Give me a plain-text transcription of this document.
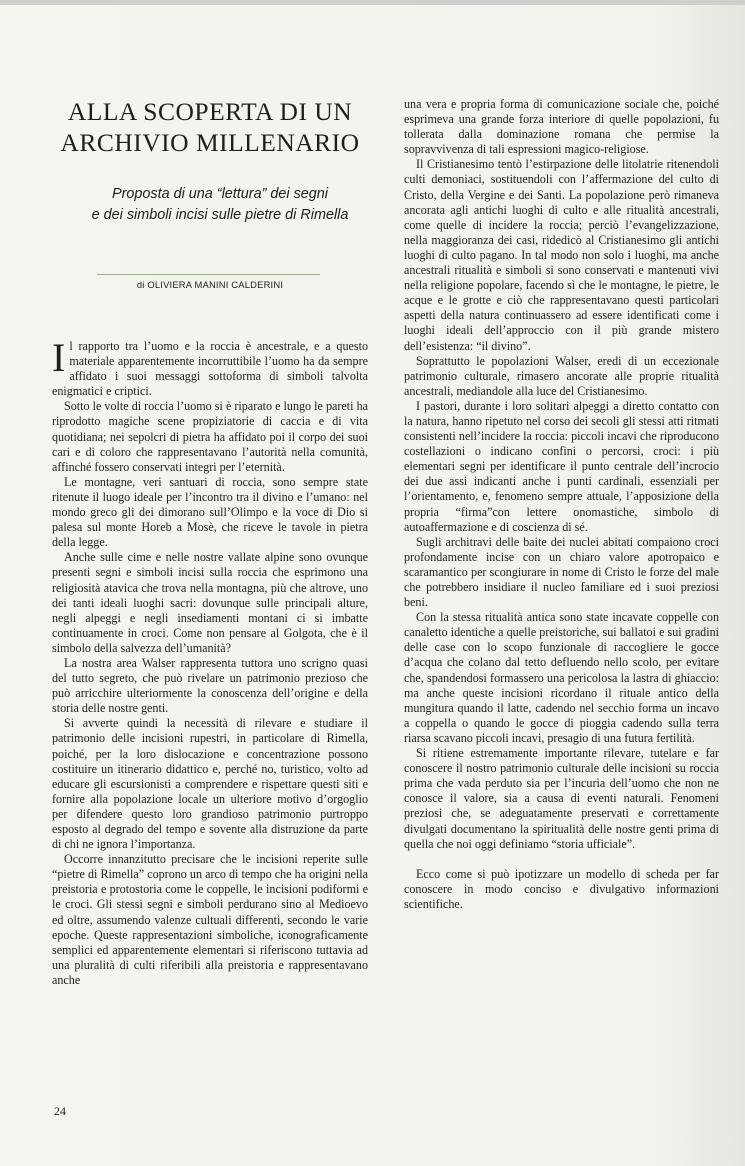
ALLA SCOPERTA DI UN
ARCHIVIO MILLENARIO

Proposta di una “lettura” dei segni
e dei simboli incisi sulle pietre di Rimella

di OLIVIERA MANINI CALDERINI

Il rapporto tra l’uomo e la roccia è ancestrale, e a questo materiale apparentemente incorruttibile l’uomo ha da sempre affidato i suoi messaggi sottoforma di simboli talvolta enigmatici e criptici.

Sotto le volte di roccia l’uomo si è riparato e lungo le pareti ha riprodotto magiche scene propiziatorie di caccia e di vita quotidiana; nei sepolcri di pietra ha affidato poi il corpo dei suoi cari e di coloro che rappresentavano l’autorità nella comunità, affinché fossero conservati integri per l’eternità.

Le montagne, veri santuari di roccia, sono sempre state ritenute il luogo ideale per l’incontro tra il divino e l’umano: nel mondo greco gli dei dimorano sull’Olimpo e la voce di Dio si palesa sul monte Horeb a Mosè, che riceve le tavole in pietra della legge.

Anche sulle cime e nelle nostre vallate alpine sono ovunque presenti segni e simboli incisi sulla roccia che esprimono una religiosità atavica che trova nella montagna, più che altrove, uno dei tanti ideali luoghi sacri: dovunque sulle principali alture, negli alpeggi e negli insediamenti montani ci si imbatte continuamente in croci. Come non pensare al Golgota, che è il simbolo della salvezza dell’umanità?

La nostra area Walser rappresenta tuttora uno scrigno quasi del tutto segreto, che può rivelare un patrimonio prezioso che può arricchire ulteriormente la conoscenza dell’origine e della storia delle nostre genti.

Si avverte quindi la necessità di rilevare e studiare il patrimonio delle incisioni rupestri, in particolare di Rimella, poiché, per la loro dislocazione e concentrazione possono costituire un itinerario didattico e, perché no, turistico, volto ad educare gli escursionisti a comprendere e rispettare questi siti e fornire alla popolazione locale un ulteriore motivo d’orgoglio per difendere questo loro grandioso patrimonio purtroppo esposto al degrado del tempo e sovente alla distruzione da parte di chi ne ignora l’importanza.

Occorre innanzitutto precisare che le incisioni reperite sulle “pietre di Rimella” coprono un arco di tempo che ha origini nella preistoria e protostoria come le coppelle, le incisioni podiformi e le croci. Gli stessi segni e simboli perdurano sino al Medioevo ed oltre, assumendo valenze cultuali differenti, secondo le varie epoche. Queste rappresentazioni simboliche, iconograficamente semplici ed apparentemente elementari si riferiscono tuttavia ad una pluralità di culti riferibili alla preistoria e rappresentavano anche

una vera e propria forma di comunicazione sociale che, poiché esprimeva una grande forza interiore di quelle popolazioni, fu tollerata dalla dominazione romana che permise la sopravvivenza di tali espressioni magico-religiose.

Il Cristianesimo tentò l’estirpazione delle litolatrie ritenendoli culti demoniaci, sostituendoli con l’affermazione del culto di Cristo, della Vergine e dei Santi. La popolazione però rimaneva ancorata agli antichi luoghi di culto e alle ritualità ancestrali, come quelle di incidere la roccia; perciò l’evangelizzazione, nella maggioranza dei casi, ridedicò al Cristianesimo gli antichi luoghi di culto pagano. In tal modo non solo i luoghi, ma anche ancestrali ritualità e simboli si sono conservati e mantenuti vivi nella religione popolare, facendo sì che le montagne, le pietre, le acque e le grotte e ciò che rappresentavano questi particolari aspetti della natura continuassero ad essere identificati come i luoghi ideali dell’approccio con il più grande mistero dell’esistenza: “il divino”.

Soprattutto le popolazioni Walser, eredi di un eccezionale patrimonio culturale, rimasero ancorate alle proprie ritualità ancestrali, mediandole alla luce del Cristianesimo.

I pastori, durante i loro solitari alpeggi a diretto contatto con la natura, hanno ripetuto nel corso dei secoli gli stessi atti ritmati consistenti nell’incidere la roccia: piccoli incavi che riproducono costellazioni o indicano confini o percorsi, croci: i più elementari segni per identificare il punto centrale dell’incrocio dei due assi indicanti anche i punti cardinali, essenziali per l’orientamento, e, fenomeno sempre attuale, l’apposizione della propria “firma”con lettere onomastiche, simbolo di autoaffermazione e di coscienza di sé.

Sugli architravi delle baite dei nuclei abitati compaiono croci profondamente incise con un chiaro valore apotropaico e scaramantico per scongiurare in nome di Cristo le forze del male che potrebbero insidiare il nucleo familiare ed i suoi preziosi beni.

Con la stessa ritualità antica sono state incavate coppelle con canaletto identiche a quelle preistoriche, sui ballatoi e sui gradini delle case con lo scopo funzionale di raccogliere le gocce d’acqua che colano dal tetto defluendo nello scolo, per evitare che, spandendosi formassero una pericolosa la lastra di ghiaccio: ma anche queste incisioni ricordano il rituale antico della mungitura quando il latte, cadendo nel secchio forma un incavo a coppella o quando le gocce di pioggia cadendo sulla terra riarsa scavano piccoli incavi, presagio di una futura fertilità.

Si ritiene estremamente importante rilevare, tutelare e far conoscere il nostro patrimonio culturale delle incisioni su roccia prima che vada perduto sia per l’incuria dell’uomo che non ne conosce il valore, sia a causa di eventi naturali. Fenomeni preziosi che, se adeguatamente preservati e correttamente divulgati documentano la spiritualità delle nostre genti prima di quella che noi oggi definiamo “storia ufficiale”.

Ecco come si può ipotizzare un modello di scheda per far conoscere in modo conciso e divulgativo informazioni scientifiche.

24
